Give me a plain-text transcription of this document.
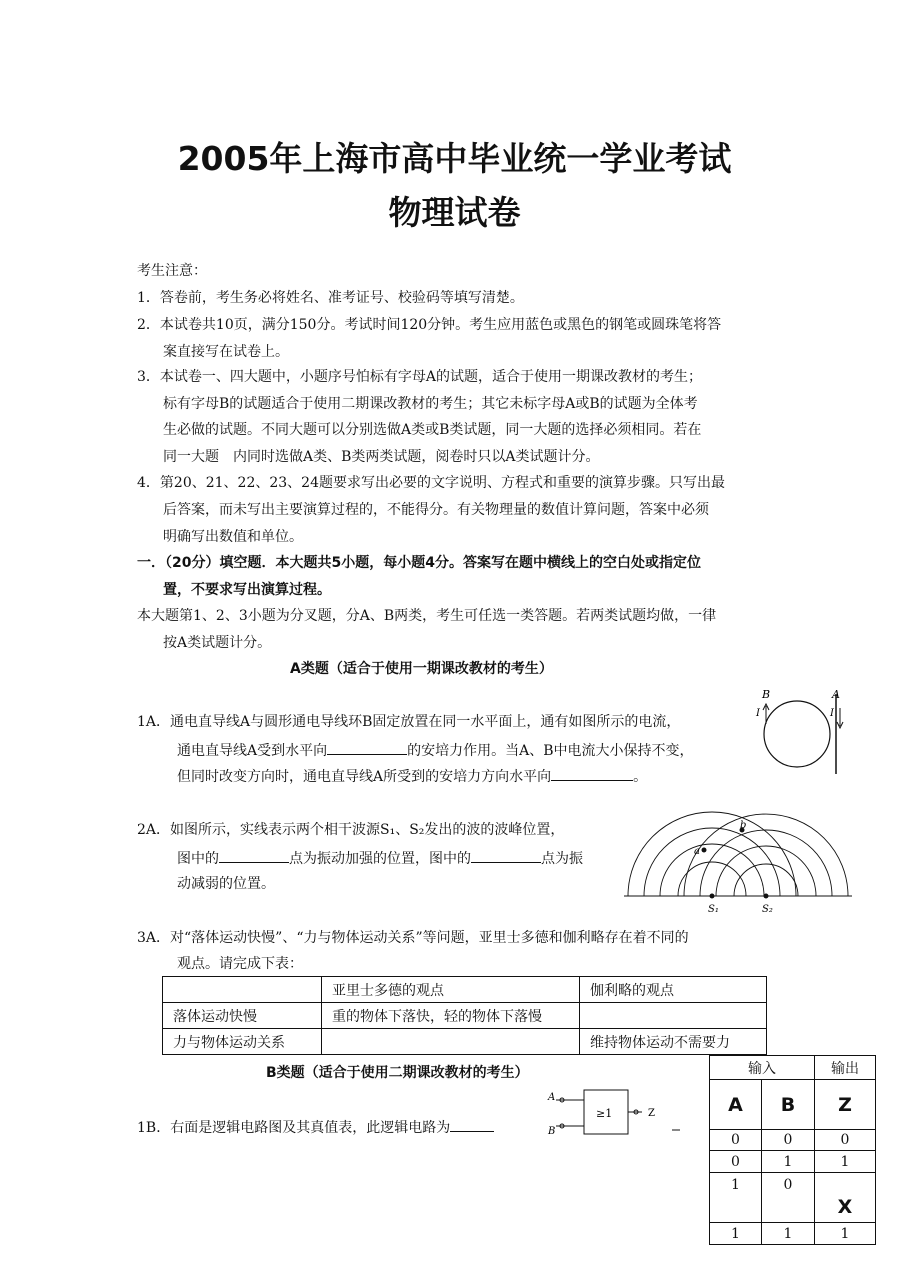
2005年上海市高中毕业统一学业考试
物理试卷
考生注意：
1．答卷前，考生务必将姓名、准考证号、校验码等填写清楚。
2．本试卷共10页，满分150分。考试时间120分钟。考生应用蓝色或黑色的钢笔或圆珠笔将答
案直接写在试卷上。
3．本试卷一、四大题中，小题序号怕标有字母A的试题，适合于使用一期课改教材的考生；
标有字母B的试题适合于使用二期课改教材的考生；其它未标字母A或B的试题为全体考
生必做的试题。不同大题可以分别选做A类或B类试题，同一大题的选择必须相同。若在
同一大题　内同时选做A类、B类两类试题，阅卷时只以A类试题计分。
4．第20、21、22、23、24题要求写出必要的文字说明、方程式和重要的演算步骤。只写出最
后答案，而未写出主要演算过程的，不能得分。有关物理量的数值计算问题，答案中必须
明确写出数值和单位。
一．（20分）填空题．本大题共5小题，每小题4分。答案写在题中横线上的空白处或指定位
置，不要求写出演算过程。
本大题第1、2、3小题为分叉题，分A、B两类，考生可任选一类答题。若两类试题均做，一律
按A类试题计分。
A类题（适合于使用一期课改教材的考生）
1A．通电直导线A与圆形通电导线环B固定放置在同一水平面上，通有如图所示的电流，
通电直导线A受到水平向	的安培力作用。当A、B中电流大小保持不变，
但同时改变方向时，通电直导线A所受到的安培力方向水平向	。
B	A
I	I
2A．如图所示，实线表示两个相干波源S₁、S₂发出的波的波峰位置，
图中的	点为振动加强的位置，图中的	点为振
动减弱的位置。
a
b
S₁	S₂
3A．对“落体运动快慢”、“力与物体运动关系”等问题，亚里士多德和伽利略存在着不同的
观点。请完成下表：
	亚里士多德的观点	伽利略的观点
落体运动快慢	重的物体下落快，轻的物体下落慢	
力与物体运动关系		维持物体运动不需要力
B类题（适合于使用二期课改教材的考生）
1B．右面是逻辑电路图及其真值表，此逻辑电路为
≥1
A
B
Z
输入		输出
A	B	Z
0	0	0
0	1	1
1	0	X
1	1	1
